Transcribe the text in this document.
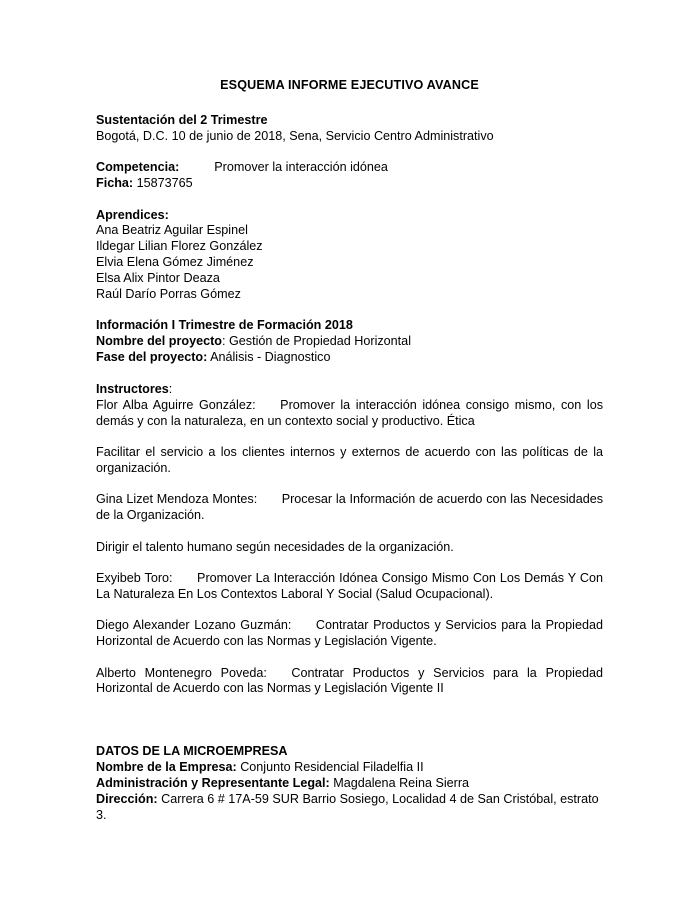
ESQUEMA INFORME EJECUTIVO AVANCE

Sustentación del 2 Trimestre

Bogotá, D.C. 10 de junio de 2018, Sena, Servicio Centro Administrativo

Competencia:		Promover la interacción idónea

Ficha: 15873765

Aprendices:

Ana Beatriz Aguilar Espinel

Ildegar Lilian Florez González

Elvia Elena Gómez Jiménez

Elsa Alix Pintor Deaza

Raúl Darío Porras Gómez

Información I Trimestre de Formación 2018

Nombre del proyecto: Gestión de Propiedad Horizontal

Fase del proyecto: Análisis - Diagnostico

Instructores:

Flor Alba Aguirre González: Promover la interacción idónea consigo mismo, con los demás y con la naturaleza, en un contexto social y productivo. Ética

Facilitar el servicio a los clientes internos y externos de acuerdo con las políticas de la organización.

Gina Lizet Mendoza Montes: Procesar la Información de acuerdo con las Necesidades de la Organización.

Dirigir el talento humano según necesidades de la organización.

Exyibeb Toro: Promover La Interacción Idónea Consigo Mismo Con Los Demás Y Con La Naturaleza En Los Contextos Laboral Y Social (Salud Ocupacional).

Diego Alexander Lozano Guzmán: Contratar Productos y Servicios para la Propiedad Horizontal de Acuerdo con las Normas y Legislación Vigente.

Alberto Montenegro Poveda: Contratar Productos y Servicios para la Propiedad Horizontal de Acuerdo con las Normas y Legislación Vigente II

DATOS DE LA MICROEMPRESA

Nombre de la Empresa: Conjunto Residencial Filadelfia II

Administración y Representante Legal: Magdalena Reina Sierra

Dirección: Carrera 6 # 17A-59 SUR Barrio Sosiego, Localidad 4 de San Cristóbal, estrato 3.
